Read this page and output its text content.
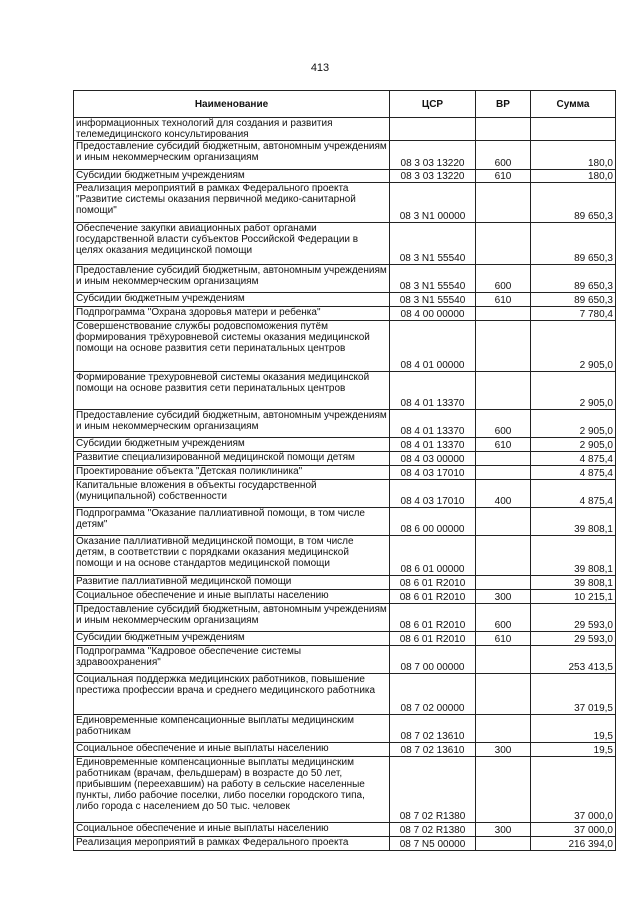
413
Наименование	ЦСР	ВР	Сумма
информационных технологий для создания и развития телемедицинского консультирования			
Предоставление субсидий бюджетным, автономным учреждениям и иным некоммерческим организациям	08 3 03 13220	600	180,0
Субсидии бюджетным учреждениям	08 3 03 13220	610	180,0
Реализация мероприятий в рамках Федерального проекта "Развитие системы оказания первичной медико-санитарной помощи"	08 3 N1 00000		89 650,3
Обеспечение закупки авиационных работ органами государственной власти субъектов Российской Федерации в целях оказания медицинской помощи	08 3 N1 55540		89 650,3
Предоставление субсидий бюджетным, автономным учреждениям и иным некоммерческим организациям	08 3 N1 55540	600	89 650,3
Субсидии бюджетным учреждениям	08 3 N1 55540	610	89 650,3
Подпрограмма "Охрана здоровья матери и ребенка"	08 4 00 00000		7 780,4
Совершенствование службы родовспоможения путём формирования трёхуровневой системы оказания медицинской помощи на основе развития сети перинатальных центров	08 4 01 00000		2 905,0
Формирование трехуровневой системы оказания медицинской помощи на основе развития сети перинатальных центров	08 4 01 13370		2 905,0
Предоставление субсидий бюджетным, автономным учреждениям и иным некоммерческим организациям	08 4 01 13370	600	2 905,0
Субсидии бюджетным учреждениям	08 4 01 13370	610	2 905,0
Развитие специализированной медицинской помощи детям	08 4 03 00000		4 875,4
Проектирование объекта "Детская поликлиника"	08 4 03 17010		4 875,4
Капитальные вложения в объекты государственной (муниципальной) собственности	08 4 03 17010	400	4 875,4
Подпрограмма "Оказание паллиативной помощи, в том числе детям"	08 6 00 00000		39 808,1
Оказание паллиативной медицинской помощи, в том числе детям, в соответствии с порядками оказания медицинской помощи и на основе стандартов медицинской помощи	08 6 01 00000		39 808,1
Развитие паллиативной медицинской помощи	08 6 01 R2010		39 808,1
Социальное обеспечение и иные выплаты населению	08 6 01 R2010	300	10 215,1
Предоставление субсидий бюджетным, автономным учреждениям и иным некоммерческим организациям	08 6 01 R2010	600	29 593,0
Субсидии бюджетным учреждениям	08 6 01 R2010	610	29 593,0
Подпрограмма "Кадровое обеспечение системы здравоохранения"	08 7 00 00000		253 413,5
Социальная поддержка медицинских работников, повышение престижа профессии врача и среднего медицинского работника	08 7 02 00000		37 019,5
Единовременные компенсационные выплаты медицинским работникам	08 7 02 13610		19,5
Социальное обеспечение и иные выплаты населению	08 7 02 13610	300	19,5
Единовременные компенсационные выплаты медицинским работникам (врачам, фельдшерам) в возрасте до 50 лет, прибывшим (переехавшим) на работу в сельские населенные пункты, либо рабочие поселки, либо поселки городского типа, либо города с населением до 50 тыс. человек	08 7 02 R1380		37 000,0
Социальное обеспечение и иные выплаты населению	08 7 02 R1380	300	37 000,0
Реализация мероприятий в рамках Федерального проекта	08 7 N5 00000		216 394,0
